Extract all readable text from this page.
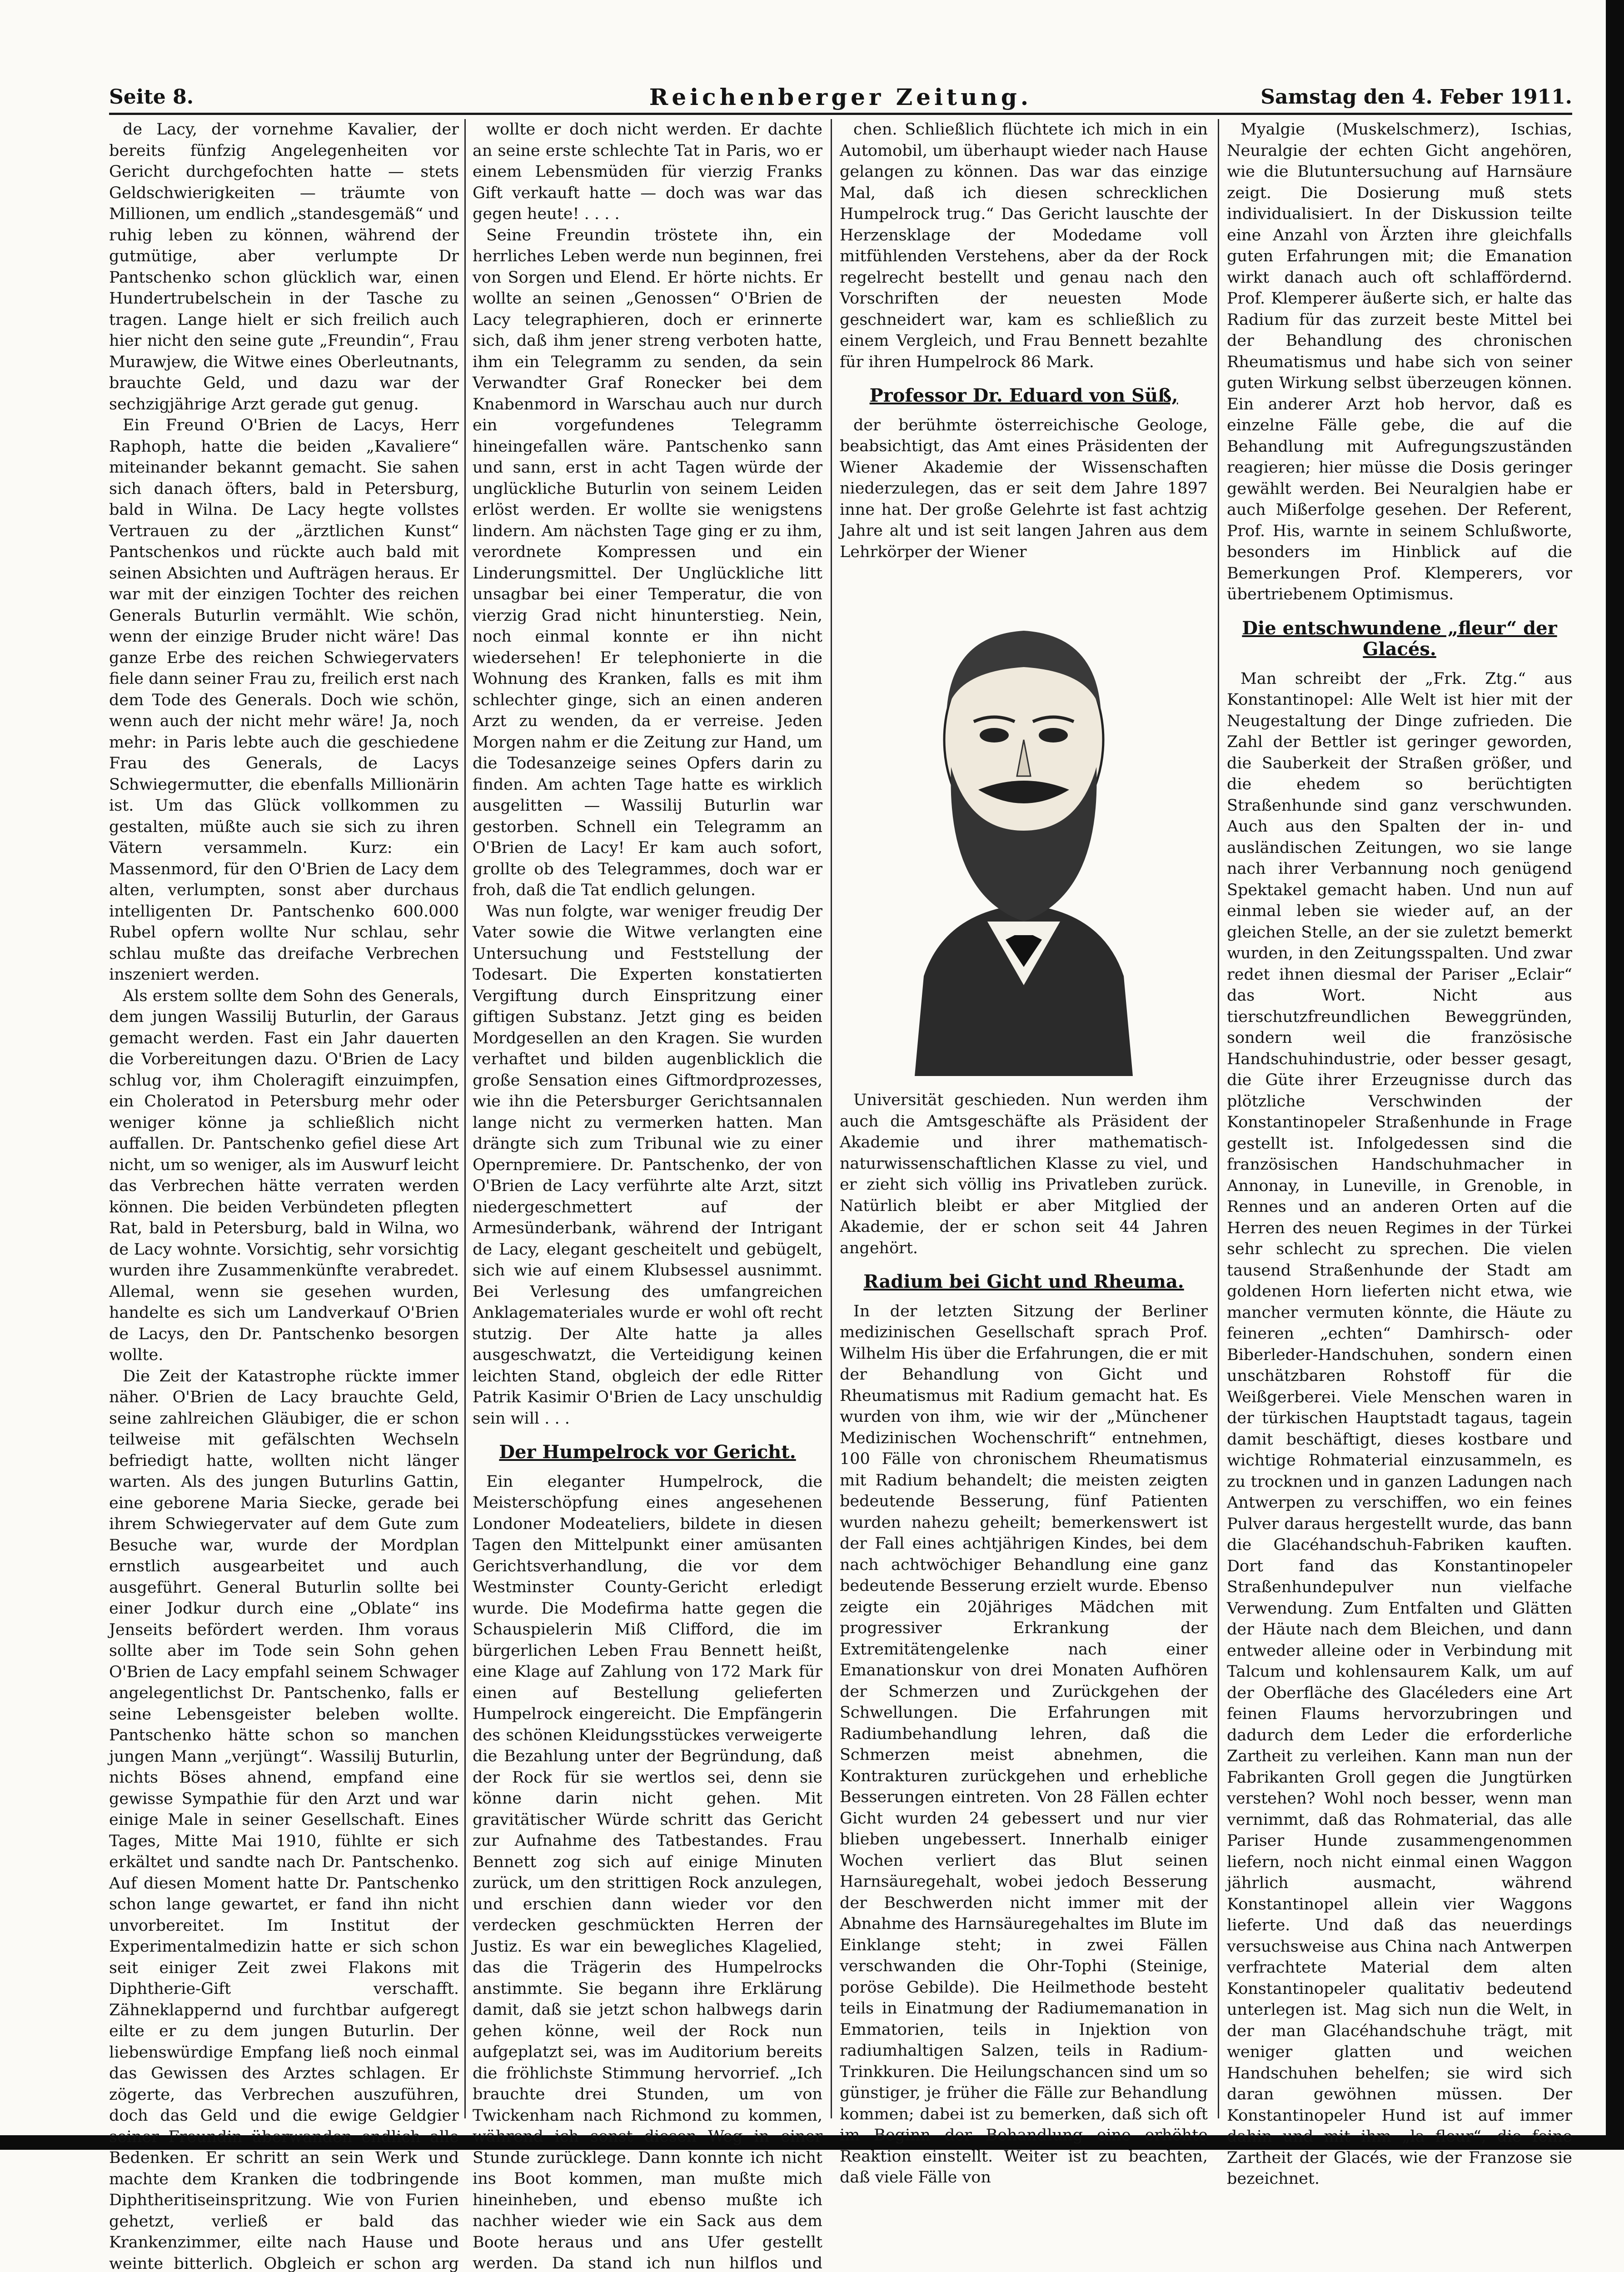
Seite 8.	Reichenberger Zeitung.	Samstag den 4. Feber 1911.

de Lacy, der vornehme Kavalier, der bereits fünfzig Angelegenheiten vor Gericht durchgefochten hatte — stets Geldschwierigkeiten — träumte von Millionen, um endlich „standesgemäß“ und ruhig leben zu können, während der gutmütige, aber verlumpte Dr Pantschenko schon glücklich war, einen Hundertrubelschein in der Tasche zu tragen. Lange hielt er sich freilich auch hier nicht den seine gute „Freundin“, Frau Murawjew, die Witwe eines Oberleutnants, brauchte Geld, und dazu war der sechzigjährige Arzt gerade gut genug.

Ein Freund O'Brien de Lacys, Herr Raphoph, hatte die beiden „Kavaliere“ miteinander bekannt gemacht. Sie sahen sich danach öfters, bald in Petersburg, bald in Wilna. De Lacy hegte vollstes Vertrauen zu der „ärztlichen Kunst“ Pantschenkos und rückte auch bald mit seinen Absichten und Aufträgen heraus. Er war mit der einzigen Tochter des reichen Generals Buturlin vermählt. Wie schön, wenn der einzige Bruder nicht wäre! Das ganze Erbe des reichen Schwiegervaters fiele dann seiner Frau zu, freilich erst nach dem Tode des Generals. Doch wie schön, wenn auch der nicht mehr wäre! Ja, noch mehr: in Paris lebte auch die geschiedene Frau des Generals, de Lacys Schwiegermutter, die ebenfalls Millionärin ist. Um das Glück vollkommen zu gestalten, müßte auch sie sich zu ihren Vätern versammeln. Kurz: ein Massenmord, für den O'Brien de Lacy dem alten, verlumpten, sonst aber durchaus intelligenten Dr. Pantschenko 600.000 Rubel opfern wollte Nur schlau, sehr schlau mußte das dreifache Verbrechen inszeniert werden.

Als erstem sollte dem Sohn des Generals, dem jungen Wassilij Buturlin, der Garaus gemacht werden. Fast ein Jahr dauerten die Vorbereitungen dazu. O'Brien de Lacy schlug vor, ihm Choleragift einzuimpfen, ein Choleratod in Petersburg mehr oder weniger könne ja schließlich nicht auffallen. Dr. Pantschenko gefiel diese Art nicht, um so weniger, als im Auswurf leicht das Verbrechen hätte verraten werden können. Die beiden Verbündeten pflegten Rat, bald in Petersburg, bald in Wilna, wo de Lacy wohnte. Vorsichtig, sehr vorsichtig wurden ihre Zusammenkünfte verabredet. Allemal, wenn sie gesehen wurden, handelte es sich um Landverkauf O'Brien de Lacys, den Dr. Pantschenko besorgen wollte.

Die Zeit der Katastrophe rückte immer näher. O'Brien de Lacy brauchte Geld, seine zahlreichen Gläubiger, die er schon teilweise mit gefälschten Wechseln befriedigt hatte, wollten nicht länger warten. Als des jungen Buturlins Gattin, eine geborene Maria Siecke, gerade bei ihrem Schwiegervater auf dem Gute zum Besuche war, wurde der Mordplan ernstlich ausgearbeitet und auch ausgeführt. General Buturlin sollte bei einer Jodkur durch eine „Oblate“ ins Jenseits befördert werden. Ihm voraus sollte aber im Tode sein Sohn gehen O'Brien de Lacy empfahl seinem Schwager angelegentlichst Dr. Pantschenko, falls er seine Lebensgeister beleben wollte. Pantschenko hätte schon so manchen jungen Mann „verjüngt“. Wassilij Buturlin, nichts Böses ahnend, empfand eine gewisse Sympathie für den Arzt und war einige Male in seiner Gesellschaft. Eines Tages, Mitte Mai 1910, fühlte er sich erkältet und sandte nach Dr. Pantschenko. Auf diesen Moment hatte Dr. Pantschenko schon lange gewartet, er fand ihn nicht unvorbereitet. Im Institut der Experimentalmedizin hatte er sich schon seit einiger Zeit zwei Flakons mit Diphtherie-Gift verschafft. Zähneklappernd und furchtbar aufgeregt eilte er zu dem jungen Buturlin. Der liebenswürdige Empfang ließ noch einmal das Gewissen des Arztes schlagen. Er zögerte, das Verbrechen auszuführen, doch das Geld und die ewige Geldgier seiner Freundin überwanden endlich alle Bedenken. Er schritt an sein Werk und machte dem Kranken die todbringende Diphtheritiseinspritzung. Wie von Furien gehetzt, verließ er bald das Krankenzimmer, eilte nach Hause und weinte bitterlich. Obgleich er schon arg

wollte er doch nicht werden. Er dachte an seine erste schlechte Tat in Paris, wo er einem Lebensmüden für vierzig Franks Gift verkauft hatte — doch was war das gegen heute! . . . .

Seine Freundin tröstete ihn, ein herrliches Leben werde nun beginnen, frei von Sorgen und Elend. Er hörte nichts. Er wollte an seinen „Genossen“ O'Brien de Lacy telegraphieren, doch er erinnerte sich, daß ihm jener streng verboten hatte, ihm ein Telegramm zu senden, da sein Verwandter Graf Ronecker bei dem Knabenmord in Warschau auch nur durch ein vorgefundenes Telegramm hineingefallen wäre. Pantschenko sann und sann, erst in acht Tagen würde der unglückliche Buturlin von seinem Leiden erlöst werden. Er wollte sie wenigstens lindern. Am nächsten Tage ging er zu ihm, verordnete Kompressen und ein Linderungsmittel. Der Unglückliche litt unsagbar bei einer Temperatur, die von vierzig Grad nicht hinunterstieg. Nein, noch einmal konnte er ihn nicht wiedersehen! Er telephonierte in die Wohnung des Kranken, falls es mit ihm schlechter ginge, sich an einen anderen Arzt zu wenden, da er verreise. Jeden Morgen nahm er die Zeitung zur Hand, um die Todesanzeige seines Opfers darin zu finden. Am achten Tage hatte es wirklich ausgelitten — Wassilij Buturlin war gestorben. Schnell ein Telegramm an O'Brien de Lacy! Er kam auch sofort, grollte ob des Telegrammes, doch war er froh, daß die Tat endlich gelungen.

Was nun folgte, war weniger freudig Der Vater sowie die Witwe verlangten eine Untersuchung und Feststellung der Todesart. Die Experten konstatierten Vergiftung durch Einspritzung einer giftigen Substanz. Jetzt ging es beiden Mordgesellen an den Kragen. Sie wurden verhaftet und bilden augenblicklich die große Sensation eines Giftmordprozesses, wie ihn die Petersburger Gerichtsannalen lange nicht zu vermerken hatten. Man drängte sich zum Tribunal wie zu einer Opernpremiere. Dr. Pantschenko, der von O'Brien de Lacy verführte alte Arzt, sitzt niedergeschmettert auf der Armesünderbank, während der Intrigant de Lacy, elegant gescheitelt und gebügelt, sich wie auf einem Klubsessel ausnimmt. Bei Verlesung des umfangreichen Anklagemateriales wurde er wohl oft recht stutzig. Der Alte hatte ja alles ausgeschwatzt, die Verteidigung keinen leichten Stand, obgleich der edle Ritter Patrik Kasimir O'Brien de Lacy unschuldig sein will . . .

Der Humpelrock vor Gericht.

Ein eleganter Humpelrock, die Meisterschöpfung eines angesehenen Londoner Modeateliers, bildete in diesen Tagen den Mittelpunkt einer amüsanten Gerichtsverhandlung, die vor dem Westminster County-Gericht erledigt wurde. Die Modefirma hatte gegen die Schauspielerin Miß Clifford, die im bürgerlichen Leben Frau Bennett heißt, eine Klage auf Zahlung von 172 Mark für einen auf Bestellung gelieferten Humpelrock eingereicht. Die Empfängerin des schönen Kleidungsstückes verweigerte die Bezahlung unter der Begründung, daß der Rock für sie wertlos sei, denn sie könne darin nicht gehen. Mit gravitätischer Würde schritt das Gericht zur Aufnahme des Tatbestandes. Frau Bennett zog sich auf einige Minuten zurück, um den strittigen Rock anzulegen, und erschien dann wieder vor den verdecken geschmückten Herren der Justiz. Es war ein bewegliches Klagelied, das die Trägerin des Humpelrocks anstimmte. Sie begann ihre Erklärung damit, daß sie jetzt schon halbwegs darin gehen könne, weil der Rock nun aufgeplatzt sei, was im Auditorium bereits die fröhlichste Stimmung hervorrief. „Ich brauchte drei Stunden, um von Twickenham nach Richmond zu kommen, während ich sonst diesen Weg in einer Stunde zurücklege. Dann konnte ich nicht ins Boot kommen, man mußte mich hineinheben, und ebenso mußte ich nachher wieder wie ein Sack aus dem Boote heraus und ans Ufer gestellt werden. Da stand ich nun hilflos und

chen. Schließlich flüchtete ich mich in ein Automobil, um überhaupt wieder nach Hause gelangen zu können. Das war das einzige Mal, daß ich diesen schrecklichen Humpelrock trug.“ Das Gericht lauschte der Herzensklage der Modedame voll mitfühlenden Verstehens, aber da der Rock regelrecht bestellt und genau nach den Vorschriften der neuesten Mode geschneidert war, kam es schließlich zu einem Vergleich, und Frau Bennett bezahlte für ihren Humpelrock 86 Mark.

Professor Dr. Eduard von Süß,

der berühmte österreichische Geologe, beabsichtigt, das Amt eines Präsidenten der Wiener Akademie der Wissenschaften niederzulegen, das er seit dem Jahre 1897 inne hat. Der große Gelehrte ist fast achtzig Jahre alt und ist seit langen Jahren aus dem Lehrkörper der Wiener

Universität geschieden. Nun werden ihm auch die Amtsgeschäfte als Präsident der Akademie und ihrer mathematisch-naturwissenschaftlichen Klasse zu viel, und er zieht sich völlig ins Privatleben zurück. Natürlich bleibt er aber Mitglied der Akademie, der er schon seit 44 Jahren angehört.

Radium bei Gicht und Rheuma.

In der letzten Sitzung der Berliner medizinischen Gesellschaft sprach Prof. Wilhelm His über die Erfahrungen, die er mit der Behandlung von Gicht und Rheumatismus mit Radium gemacht hat. Es wurden von ihm, wie wir der „Münchener Medizinischen Wochenschrift“ entnehmen, 100 Fälle von chronischem Rheumatismus mit Radium behandelt; die meisten zeigten bedeutende Besserung, fünf Patienten wurden nahezu geheilt; bemerkenswert ist der Fall eines achtjährigen Kindes, bei dem nach achtwöchiger Behandlung eine ganz bedeutende Besserung erzielt wurde. Ebenso zeigte ein 20jähriges Mädchen mit progressiver Erkrankung der Extremitätengelenke nach einer Emanationskur von drei Monaten Aufhören der Schmerzen und Zurückgehen der Schwellungen. Die Erfahrungen mit Radiumbehandlung lehren, daß die Schmerzen meist abnehmen, die Kontrakturen zurückgehen und erhebliche Besserungen eintreten. Von 28 Fällen echter Gicht wurden 24 gebessert und nur vier blieben ungebessert. Innerhalb einiger Wochen verliert das Blut seinen Harnsäuregehalt, wobei jedoch Besserung der Beschwerden nicht immer mit der Abnahme des Harnsäuregehaltes im Blute im Einklange steht; in zwei Fällen verschwanden die Ohr-Tophi (Steinige, poröse Gebilde). Die Heilmethode besteht teils in Einatmung der Radiumemanation in Emmatorien, teils in Injektion von radiumhaltigen Salzen, teils in Radium-Trinkkuren. Die Heilungschancen sind um so günstiger, je früher die Fälle zur Behandlung kommen; dabei ist zu bemerken, daß sich oft im Beginn der Behandlung eine erhöhte Reaktion einstellt. Weiter ist zu beachten, daß viele Fälle von

Myalgie (Muskelschmerz), Ischias, Neuralgie der echten Gicht angehören, wie die Blutuntersuchung auf Harnsäure zeigt. Die Dosierung muß stets individualisiert. In der Diskussion teilte eine Anzahl von Ärzten ihre gleichfalls guten Erfahrungen mit; die Emanation wirkt danach auch oft schlaffördernd. Prof. Klemperer äußerte sich, er halte das Radium für das zurzeit beste Mittel bei der Behandlung des chronischen Rheumatismus und habe sich von seiner guten Wirkung selbst überzeugen können. Ein anderer Arzt hob hervor, daß es einzelne Fälle gebe, die auf die Behandlung mit Aufregungszuständen reagieren; hier müsse die Dosis geringer gewählt werden. Bei Neuralgien habe er auch Mißerfolge gesehen. Der Referent, Prof. His, warnte in seinem Schlußworte, besonders im Hinblick auf die Bemerkungen Prof. Klemperers, vor übertriebenem Optimismus.

Die entschwundene „fleur“ der Glacés.

Man schreibt der „Frk. Ztg.“ aus Konstantinopel: Alle Welt ist hier mit der Neugestaltung der Dinge zufrieden. Die Zahl der Bettler ist geringer geworden, die Sauberkeit der Straßen größer, und die ehedem so berüchtigten Straßenhunde sind ganz verschwunden. Auch aus den Spalten der in- und ausländischen Zeitungen, wo sie lange nach ihrer Verbannung noch genügend Spektakel gemacht haben. Und nun auf einmal leben sie wieder auf, an der gleichen Stelle, an der sie zuletzt bemerkt wurden, in den Zeitungsspalten. Und zwar redet ihnen diesmal der Pariser „Eclair“ das Wort. Nicht aus tierschutzfreundlichen Beweggründen, sondern weil die französische Handschuhindustrie, oder besser gesagt, die Güte ihrer Erzeugnisse durch das plötzliche Verschwinden der Konstantinopeler Straßenhunde in Frage gestellt ist. Infolgedessen sind die französischen Handschuhmacher in Annonay, in Luneville, in Grenoble, in Rennes und an anderen Orten auf die Herren des neuen Regimes in der Türkei sehr schlecht zu sprechen. Die vielen tausend Straßenhunde der Stadt am goldenen Horn lieferten nicht etwa, wie mancher vermuten könnte, die Häute zu feineren „echten“ Damhirsch- oder Biberleder-Handschuhen, sondern einen unschätzbaren Rohstoff für die Weißgerberei. Viele Menschen waren in der türkischen Hauptstadt tagaus, tagein damit beschäftigt, dieses kostbare und wichtige Rohmaterial einzusammeln, es zu trocknen und in ganzen Ladungen nach Antwerpen zu verschiffen, wo ein feines Pulver daraus hergestellt wurde, das bann die Glacéhandschuh-Fabriken kauften. Dort fand das Konstantinopeler Straßenhundepulver nun vielfache Verwendung. Zum Entfalten und Glätten der Häute nach dem Bleichen, und dann entweder alleine oder in Verbindung mit Talcum und kohlensaurem Kalk, um auf der Oberfläche des Glacéleders eine Art feinen Flaums hervorzubringen und dadurch dem Leder die erforderliche Zartheit zu verleihen. Kann man nun der Fabrikanten Groll gegen die Jungtürken verstehen? Wohl noch besser, wenn man vernimmt, daß das Rohmaterial, das alle Pariser Hunde zusammengenommen liefern, noch nicht einmal einen Waggon jährlich ausmacht, während Konstantinopel allein vier Waggons lieferte. Und daß das neuerdings versuchsweise aus China nach Antwerpen verfrachtete Material dem alten Konstantinopeler qualitativ bedeutend unterlegen ist. Mag sich nun die Welt, in der man Glacéhandschuhe trägt, mit weniger glatten und weichen Handschuhen behelfen; sie wird sich daran gewöhnen müssen. Der Konstantinopeler Hund ist auf immer dahin und mit ihm „la fleur“, die feine Zartheit der Glacés, wie der Franzose sie bezeichnet.
